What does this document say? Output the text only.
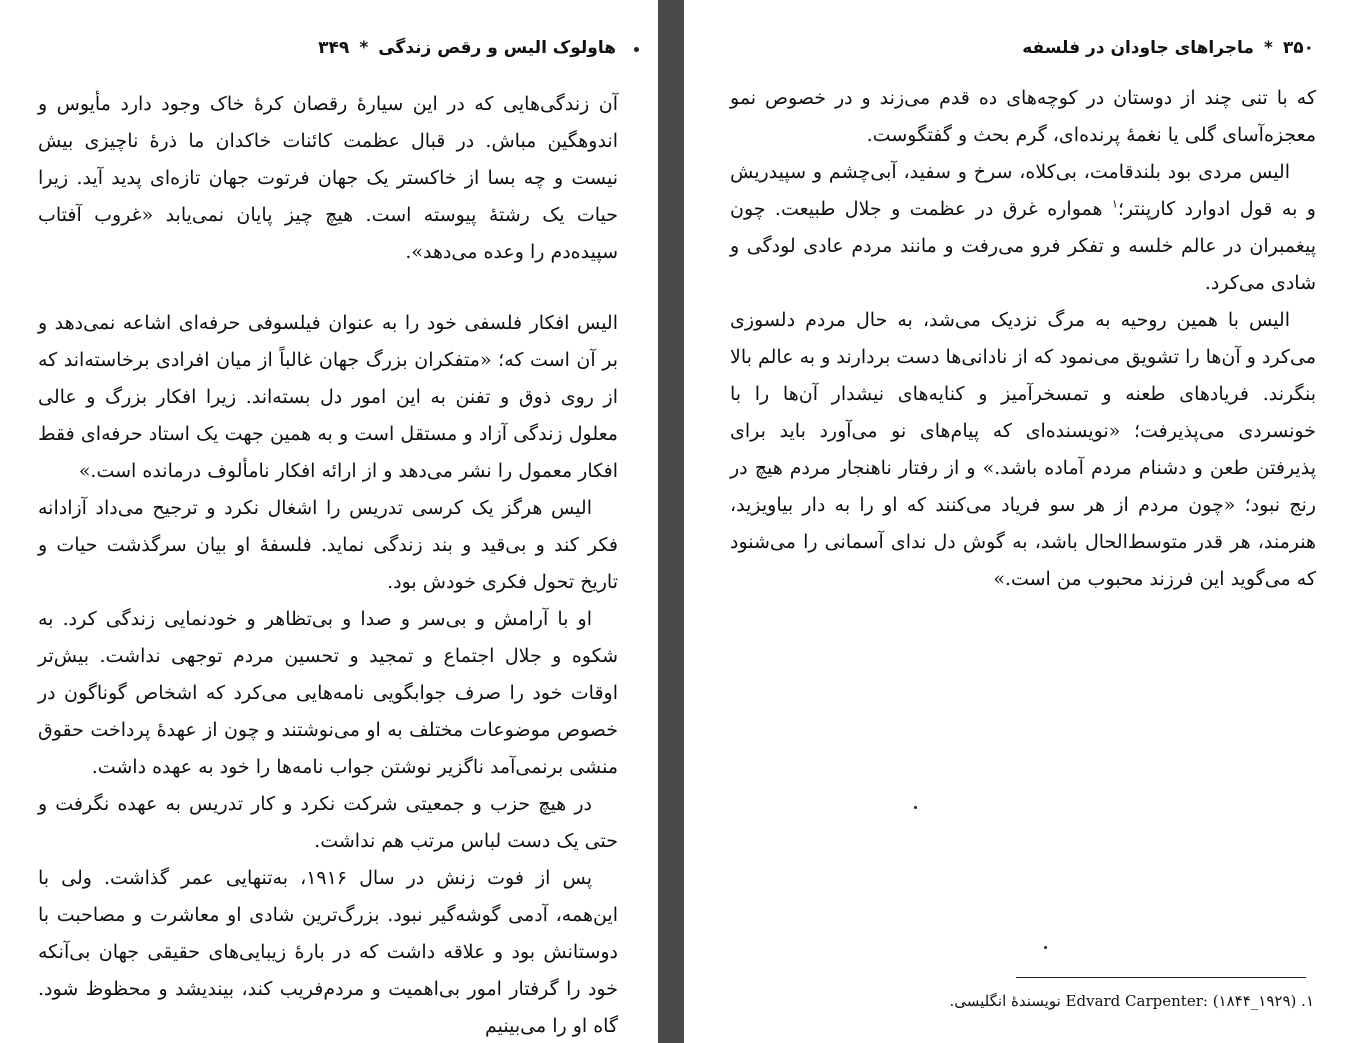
هاولوک الیس و رقص زندگی
*
۳۴۹

آن زندگی‌هایی که در این سیارهٔ رقصان کرهٔ خاک وجود دارد مأیوس و اندوهگین مباش. در قبال عظمت کائنات خاکدان ما ذرهٔ ناچیزی بیش نیست و چه بسا از خاکستر یک جهان فرتوت جهان تازه‌ای پدید آید. زیرا حیات یک رشتهٔ پیوسته است. هیچ چیز پایان نمی‌یابد «غروب آفتاب سپیده‌دم را وعده می‌دهد».

الیس افکار فلسفی خود را به عنوان فیلسوفی حرفه‌ای اشاعه نمی‌دهد و بر آن است که؛ «متفکران بزرگ جهان غالباً از میان افرادی برخاسته‌اند که از روی ذوق و تفنن به این امور دل بسته‌اند. زیرا افکار بزرگ و عالی معلول زندگی آزاد و مستقل است و به همین جهت یک استاد حرفه‌ای فقط افکار معمول را نشر می‌دهد و از ارائه افکار نامألوف درمانده است.»

الیس هرگز یک کرسی تدریس را اشغال نکرد و ترجیح می‌داد آزادانه فکر کند و بی‌قید و بند زندگی نماید. فلسفهٔ او بیان سرگذشت حیات و تاریخ تحول فکری خودش بود.

او با آرامش و بی‌سر و صدا و بی‌تظاهر و خودنمایی زندگی کرد. به شکوه و جلال اجتماع و تمجید و تحسین مردم توجهی نداشت. بیش‌تر اوقات خود را صرف جوابگویی نامه‌هایی می‌کرد که اشخاص گوناگون در خصوص موضوعات مختلف به او می‌نوشتند و چون از عهدهٔ پرداخت حقوق منشی برنمی‌آمد ناگزیر نوشتن جواب نامه‌ها را خود به عهده داشت.

در هیچ حزب و جمعیتی شرکت نکرد و کار تدریس به عهده نگرفت و حتی یک دست لباس مرتب هم نداشت.

پس از فوت زنش در سال ۱۹۱۶، به‌تنهایی عمر گذاشت. ولی با این‌همه، آدمی گوشه‌گیر نبود. بزرگ‌ترین شادی او معاشرت و مصاحبت با دوستانش بود و علاقه داشت که در بارهٔ زیبایی‌های حقیقی جهان بی‌آنکه خود را گرفتار امور بی‌اهمیت و مردم‌فریب کند، بیندیشد و محظوظ شود. گاه او را می‌بینیم

۳۵۰
*
ماجراهای جاودان در فلسفه

که با تنی چند از دوستان در کوچه‌های ده قدم می‌زند و در خصوص نمو معجزه‌آسای گلی یا نغمهٔ پرنده‌ای، گرم بحث و گفتگوست.

الیس مردی بود بلندقامت، بی‌کلاه، سرخ و سفید، آبی‌چشم و سپیدریش و به قول ادوارد کارپنتر؛$^۱$ همواره غرق در عظمت و جلال طبیعت. چون پیغمبران در عالم خلسه و تفکر فرو می‌رفت و مانند مردم عادی لودگی و شادی می‌کرد.

الیس با همین روحیه به مرگ نزدیک می‌شد، به حال مردم دلسوزی می‌کرد و آن‌ها را تشویق می‌نمود که از نادانی‌ها دست بردارند و به عالم بالا بنگرند. فریادهای طعنه و تمسخرآمیز و کنایه‌های نیشدار آن‌ها را با خونسردی می‌پذیرفت؛ «نویسنده‌ای که پیام‌های نو می‌آورد باید برای پذیرفتن طعن و دشنام مردم آماده باشد.» و از رفتار ناهنجار مردم هیچ در رنج نبود؛ «چون مردم از هر سو فریاد می‌کنند که او را به دار بیاویزید، هنرمند، هر قدر متوسط‌الحال باشد، به گوش دل ندای آسمانی را می‌شنود که می‌گوید این فرزند محبوب من است.»

۱. Edvard Carpenter: (۱۸۴۴_۱۹۲۹) نویسندهٔ انگلیسی.
